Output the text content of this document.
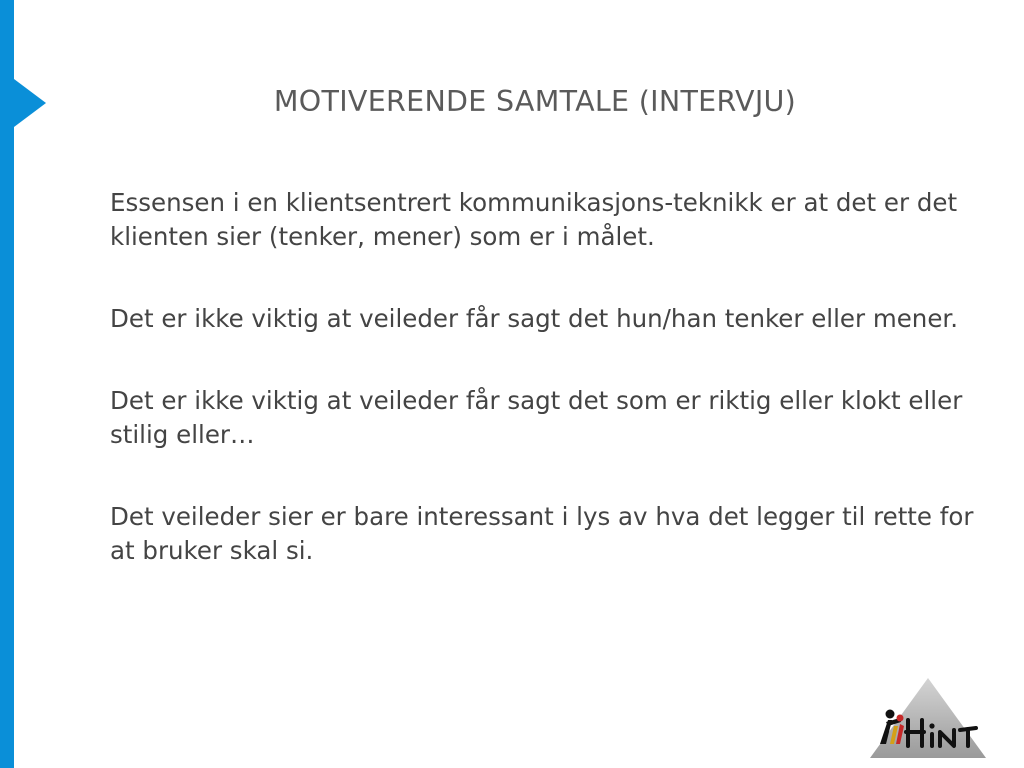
MOTIVERENDE SAMTALE (INTERVJU)

Essensen i en klientsentrert kommunikasjons-teknikk er at det er det klienten sier (tenker, mener) som er i målet.

Det er ikke viktig at veileder får sagt det hun/han tenker eller mener.

Det er ikke viktig at veileder får sagt det som er riktig eller klokt eller stilig eller…

Det veileder sier er bare interessant i lys av hva det legger til rette for at bruker skal si.
